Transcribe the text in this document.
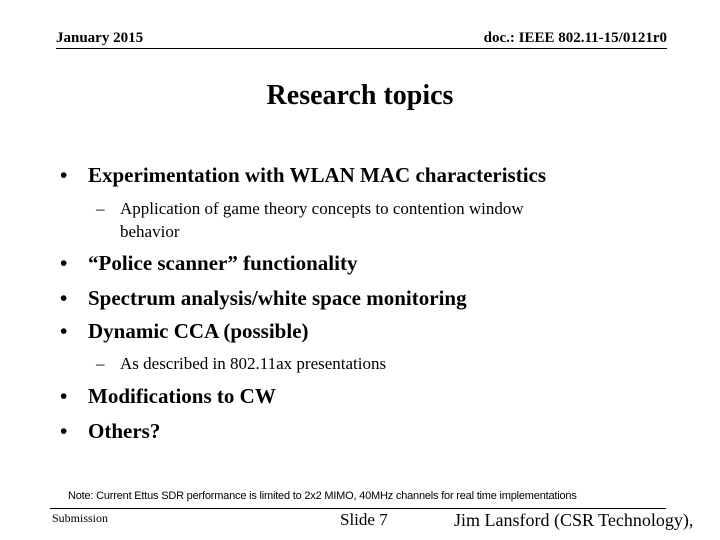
January 2015	doc.: IEEE 802.11-15/0121r0
Research topics
• Experimentation with WLAN MAC characteristics
– Application of game theory concepts to contention window
behavior
• “Police scanner” functionality
• Spectrum analysis/white space monitoring
• Dynamic CCA (possible)
– As described in 802.11ax presentations
• Modifications to CW
• Others?
Note: Current Ettus SDR performance is limited to 2x2 MIMO, 40MHz channels for real time implementations
Submission	Slide 7	Jim Lansford (CSR Technology),
